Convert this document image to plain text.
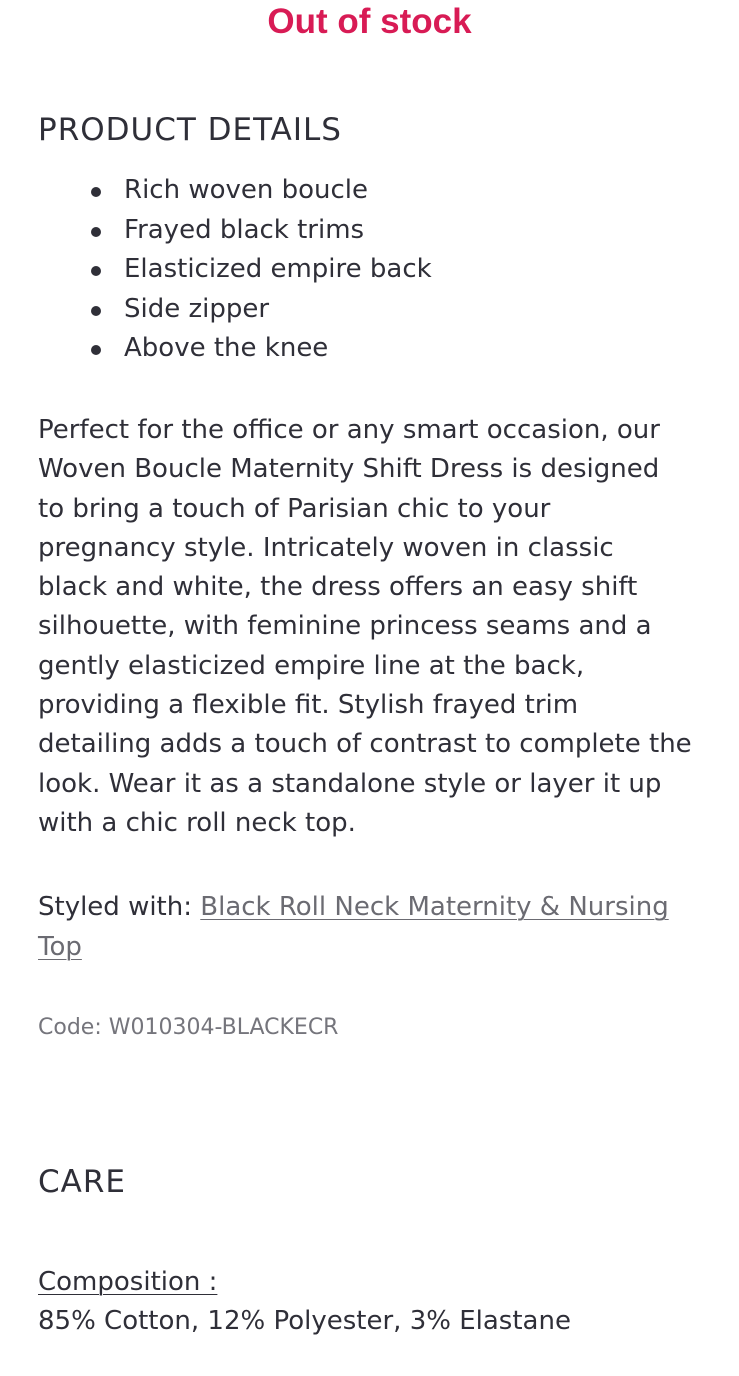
Out of stock
PRODUCT DETAILS
Rich woven boucle
Frayed black trims
Elasticized empire back
Side zipper
Above the knee
Perfect for the office or any smart occasion, our
Woven Boucle Maternity Shift Dress is designed
to bring a touch of Parisian chic to your
pregnancy style. Intricately woven in classic
black and white, the dress offers an easy shift
silhouette, with feminine princess seams and a
gently elasticized empire line at the back,
providing a flexible fit. Stylish frayed trim
detailing adds a touch of contrast to complete the
look. Wear it as a standalone style or layer it up
with a chic roll neck top.
Styled with: Black Roll Neck Maternity & Nursing Top
Code: W010304-BLACKECR
CARE
Composition :
85% Cotton, 12% Polyester, 3% Elastane
